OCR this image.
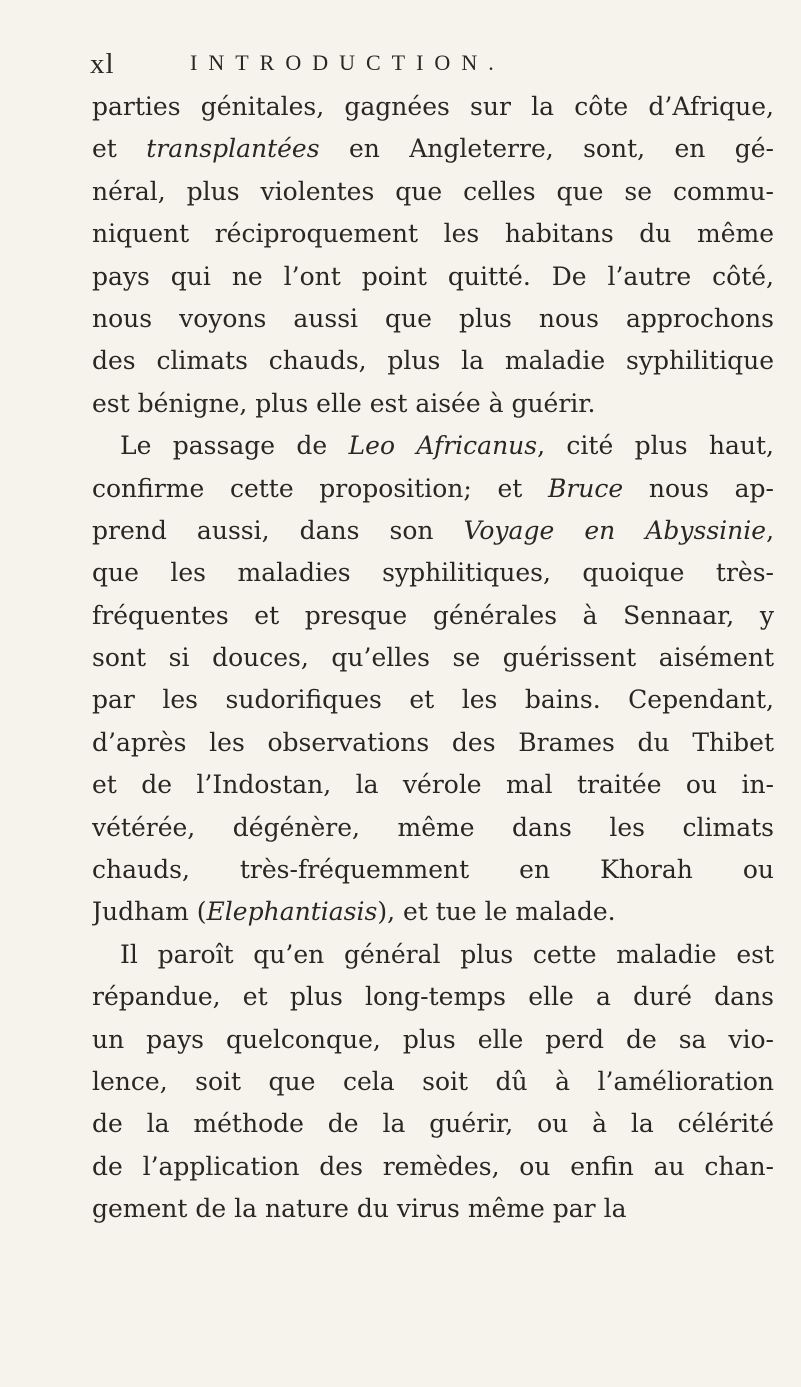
xl	INTRODUCTION.
parties génitales, gagnées sur la côte d’Afrique,
et transplantées en Angleterre, sont, en gé-
néral, plus violentes que celles que se commu-
niquent réciproquement les habitans du même
pays qui ne l’ont point quitté. De l’autre côté,
nous voyons aussi que plus nous approchons
des climats chauds, plus la maladie syphilitique
est bénigne, plus elle est aisée à guérir.
Le passage de Leo Africanus, cité plus haut,
confirme cette proposition; et Bruce nous ap-
prend aussi, dans son Voyage en Abyssinie,
que les maladies syphilitiques, quoique très-
fréquentes et presque générales à Sennaar, y
sont si douces, qu’elles se guérissent aisément
par les sudorifiques et les bains. Cependant,
d’après les observations des Brames du Thibet
et de l’Indostan, la vérole mal traitée ou in-
vétérée, dégénère, même dans les climats
chauds, très-fréquemment en Khorah ou
Judham (Elephantiasis), et tue le malade.
Il paroît qu’en général plus cette maladie est
répandue, et plus long-temps elle a duré dans
un pays quelconque, plus elle perd de sa vio-
lence, soit que cela soit dû à l’amélioration
de la méthode de la guérir, ou à la célérité
de l’application des remèdes, ou enfin au chan-
gement de la nature du virus même par la
